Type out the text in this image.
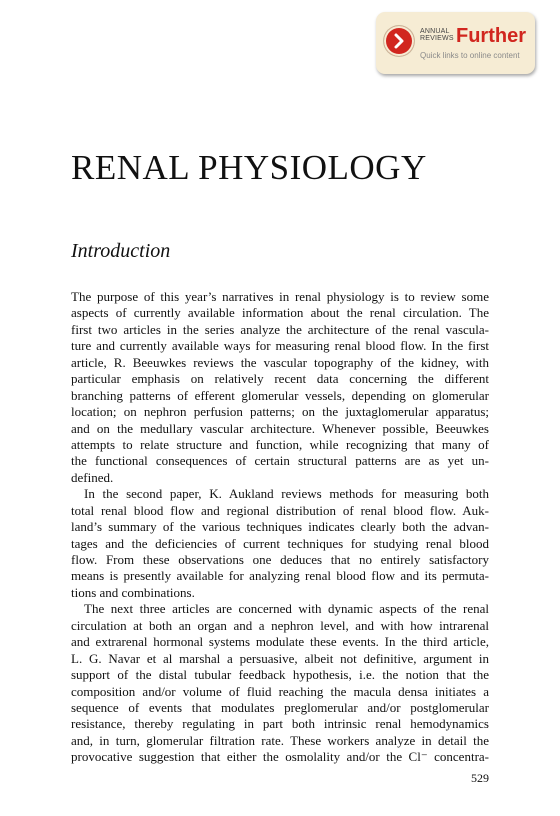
ANNUAL
REVIEWS Further
Quick links to online content
RENAL PHYSIOLOGY
Introduction
The purpose of this year’s narratives in renal physiology is to review some
aspects of currently available information about the renal circulation. The
first two articles in the series analyze the architecture of the renal vascula-
ture and currently available ways for measuring renal blood flow. In the first
article, R. Beeuwkes reviews the vascular topography of the kidney, with
particular emphasis on relatively recent data concerning the different
branching patterns of efferent glomerular vessels, depending on glomerular
location; on nephron perfusion patterns; on the juxtaglomerular apparatus;
and on the medullary vascular architecture. Whenever possible, Beeuwkes
attempts to relate structure and function, while recognizing that many of
the functional consequences of certain structural patterns are as yet un-
defined.
In the second paper, K. Aukland reviews methods for measuring both
total renal blood flow and regional distribution of renal blood flow. Auk-
land’s summary of the various techniques indicates clearly both the advan-
tages and the deficiencies of current techniques for studying renal blood
flow. From these observations one deduces that no entirely satisfactory
means is presently available for analyzing renal blood flow and its permuta-
tions and combinations.
The next three articles are concerned with dynamic aspects of the renal
circulation at both an organ and a nephron level, and with how intrarenal
and extrarenal hormonal systems modulate these events. In the third article,
L. G. Navar et al marshal a persuasive, albeit not definitive, argument in
support of the distal tubular feedback hypothesis, i.e. the notion that the
composition and/or volume of fluid reaching the macula densa initiates a
sequence of events that modulates preglomerular and/or postglomerular
resistance, thereby regulating in part both intrinsic renal hemodynamics
and, in turn, glomerular filtration rate. These workers analyze in detail the
provocative suggestion that either the osmolality and/or the Cl⁻ concentra-
529
